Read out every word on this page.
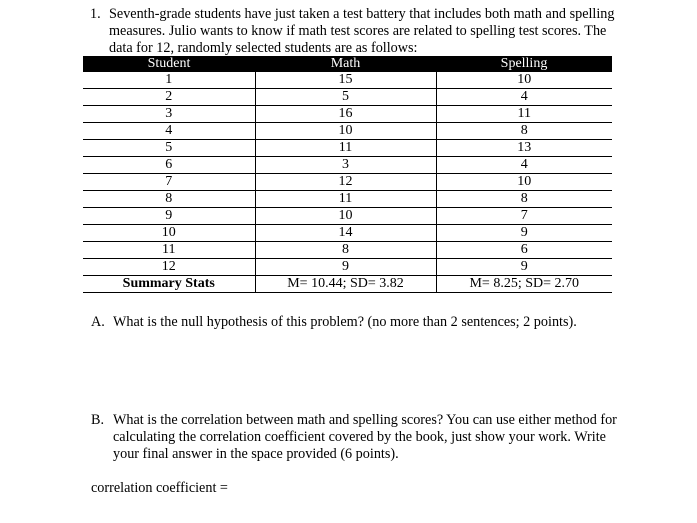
1. Seventh-grade students have just taken a test battery that includes both math and spelling
measures. Julio wants to know if math test scores are related to spelling test scores. The
data for 12, randomly selected students are as follows:
Student	Math	Spelling
1	15	10
2	5	4
3	16	11
4	10	8
5	11	13
6	3	4
7	12	10
8	11	8
9	10	7
10	14	9
11	8	6
12	9	9
Summary Stats	M= 10.44; SD= 3.82	M= 8.25; SD= 2.70
A. What is the null hypothesis of this problem? (no more than 2 sentences; 2 points).
B. What is the correlation between math and spelling scores? You can use either method for
calculating the correlation coefficient covered by the book, just show your work. Write
your final answer in the space provided (6 points).
correlation coefficient =
